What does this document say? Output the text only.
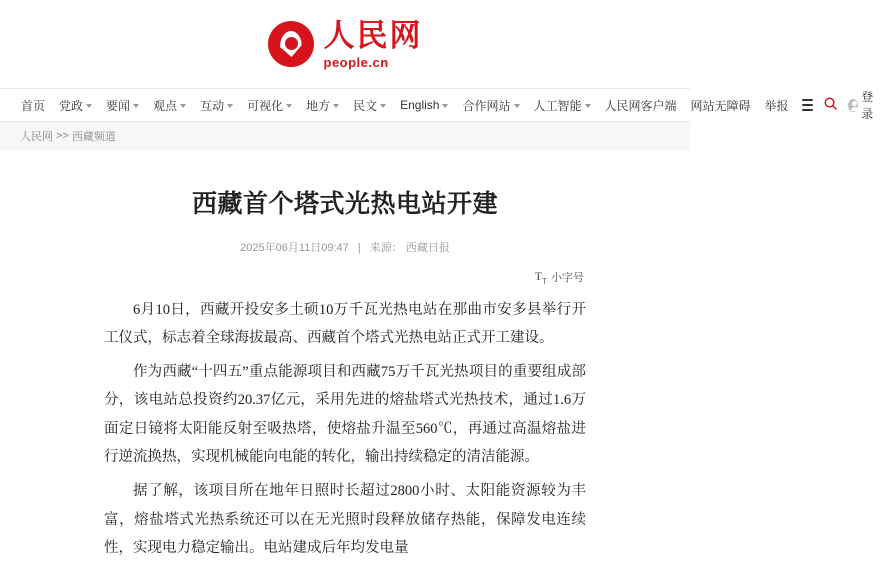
人民网
people.cn
首页 党政 要闻 观点 互动 可视化 地方 民文 English 合作网站 人工智能 人民网客户端 网站无障碍 举报
登录
人民网 >> 西藏频道
西藏首个塔式光热电站开建
2025年06月11日09:47 | 来源： 西藏日报
$T_T$ 小字号

6月10日，西藏开投安多土硕10万千瓦光热电站在那曲市安多县举行开工仪式，标志着全球海拔最高、西藏首个塔式光热电站正式开工建设。

作为西藏“十四五”重点能源项目和西藏75万千瓦光热项目的重要组成部分，该电站总投资约20.37亿元，采用先进的熔盐塔式光热技术，通过1.6万面定日镜将太阳能反射至吸热塔，使熔盐升温至560℃，再通过高温熔盐进行逆流换热，实现机械能向电能的转化，输出持续稳定的清洁能源。

据了解，该项目所在地年日照时长超过2800小时、太阳能资源较为丰富，熔盐塔式光热系统还可以在无光照时段释放储存热能，保障发电连续性，实现电力稳定输出。电站建成后年均发电量
